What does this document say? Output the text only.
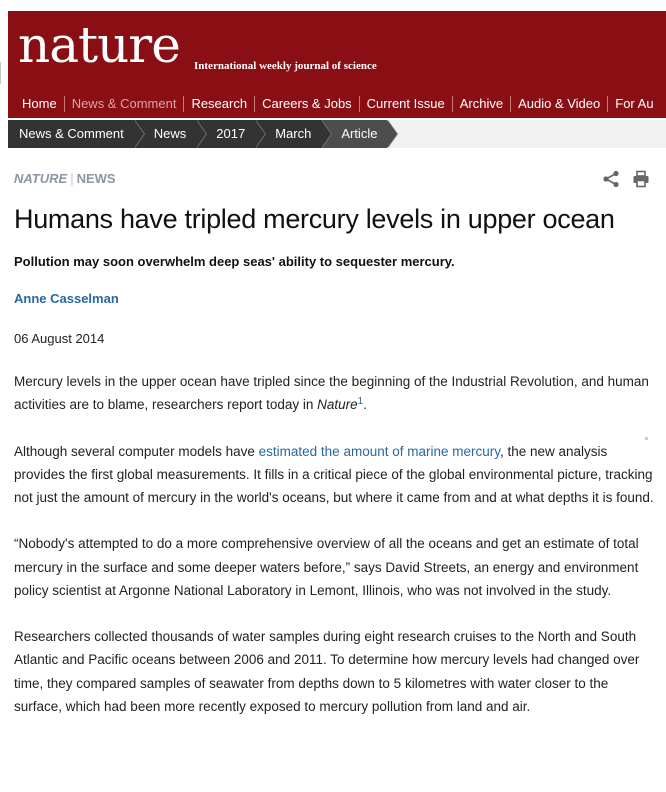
nature International weekly journal of science
Home	News & Comment	Research	Careers & Jobs	Current Issue	Archive	Audio & Video	For Au
News & Comment	News	2017	March	Article
NATURE | NEWS
Humans have tripled mercury levels in upper ocean

Pollution may soon overwhelm deep seas' ability to sequester mercury.

Anne Casselman
06 August 2014

Mercury levels in the upper ocean have tripled since the beginning of the Industrial Revolution, and human activities are to blame, researchers report today in Nature$^1$.

Although several computer models have estimated the amount of marine mercury, the new analysis provides the first global measurements. It fills in a critical piece of the global environmental picture, tracking not just the amount of mercury in the world's oceans, but where it came from and at what depths it is found.

“Nobody's attempted to do a more comprehensive overview of all the oceans and get an estimate of total mercury in the surface and some deeper waters before,” says David Streets, an energy and environment policy scientist at Argonne National Laboratory in Lemont, Illinois, who was not involved in the study.

Researchers collected thousands of water samples during eight research cruises to the North and South Atlantic and Pacific oceans between 2006 and 2011. To determine how mercury levels had changed over time, they compared samples of seawater from depths down to 5 kilometres with water closer to the surface, which had been more recently exposed to mercury pollution from land and air.
